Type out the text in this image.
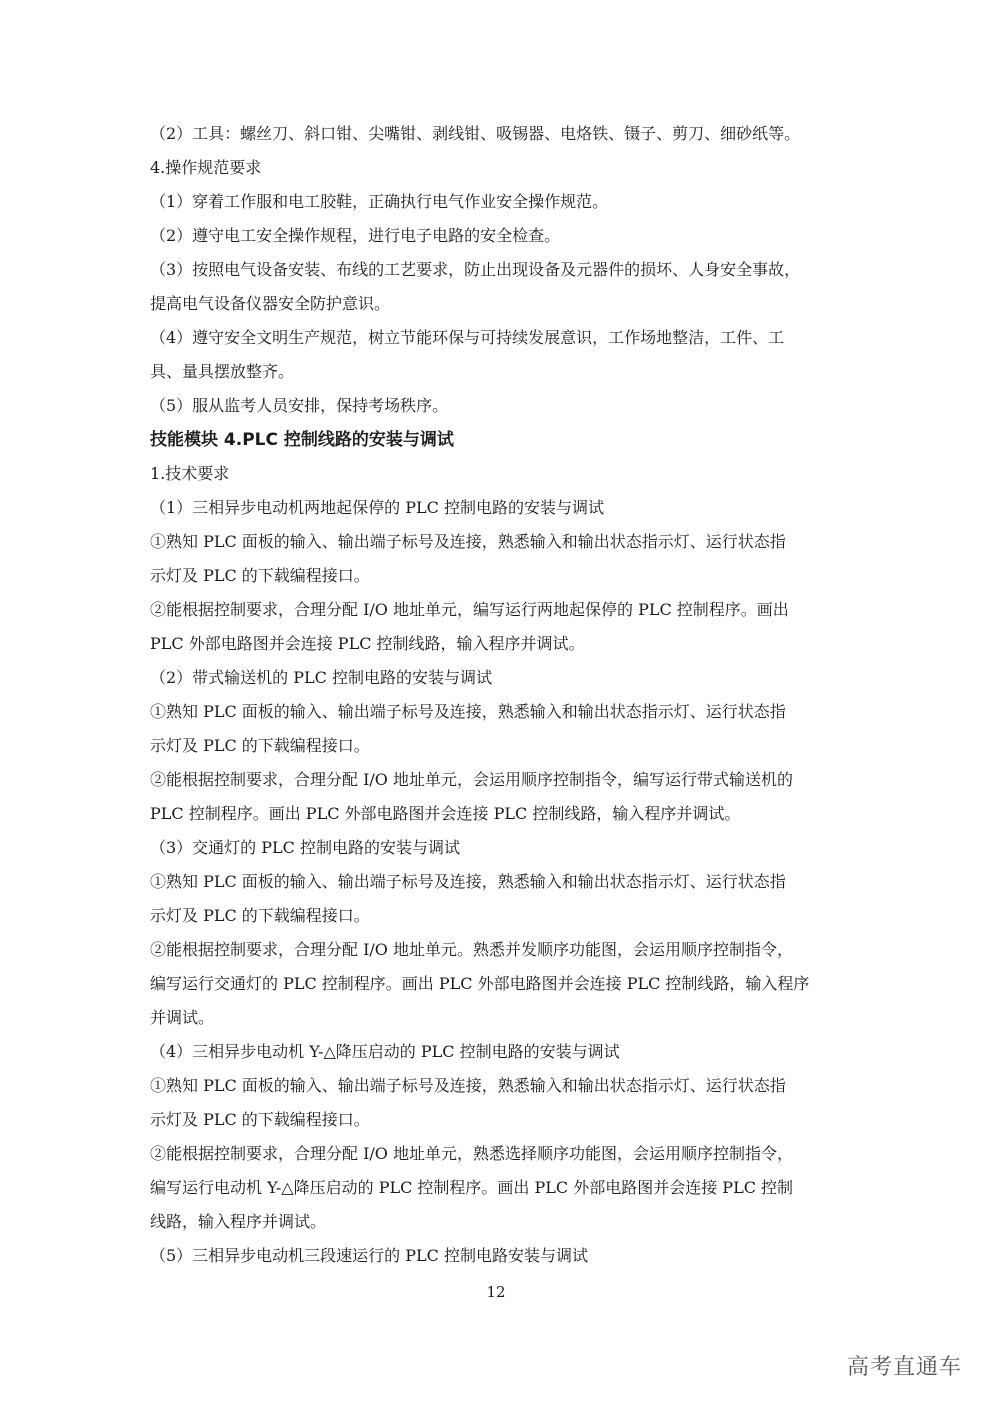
（2）工具：螺丝刀、斜口钳、尖嘴钳、剥线钳、吸锡器、电烙铁、镊子、剪刀、细砂纸等。
4.操作规范要求
（1）穿着工作服和电工胶鞋，正确执行电气作业安全操作规范。
（2）遵守电工安全操作规程，进行电子电路的安全检查。
（3）按照电气设备安装、布线的工艺要求，防止出现设备及元器件的损坏、人身安全事故，
提高电气设备仪器安全防护意识。
（4）遵守安全文明生产规范，树立节能环保与可持续发展意识，工作场地整洁，工件、工
具、量具摆放整齐。
（5）服从监考人员安排，保持考场秩序。
技能模块 4.PLC 控制线路的安装与调试
1.技术要求
（1）三相异步电动机两地起保停的 PLC 控制电路的安装与调试
①熟知 PLC 面板的输入、输出端子标号及连接，熟悉输入和输出状态指示灯、运行状态指
示灯及 PLC 的下载编程接口。
②能根据控制要求，合理分配 I/O 地址单元，编写运行两地起保停的 PLC 控制程序。画出
PLC 外部电路图并会连接 PLC 控制线路，输入程序并调试。
（2）带式输送机的 PLC 控制电路的安装与调试
①熟知 PLC 面板的输入、输出端子标号及连接，熟悉输入和输出状态指示灯、运行状态指
示灯及 PLC 的下载编程接口。
②能根据控制要求，合理分配 I/O 地址单元，会运用顺序控制指令，编写运行带式输送机的
PLC 控制程序。画出 PLC 外部电路图并会连接 PLC 控制线路，输入程序并调试。
（3）交通灯的 PLC 控制电路的安装与调试
①熟知 PLC 面板的输入、输出端子标号及连接，熟悉输入和输出状态指示灯、运行状态指
示灯及 PLC 的下载编程接口。
②能根据控制要求，合理分配 I/O 地址单元。熟悉并发顺序功能图，会运用顺序控制指令，
编写运行交通灯的 PLC 控制程序。画出 PLC 外部电路图并会连接 PLC 控制线路，输入程序
并调试。
（4）三相异步电动机 Y-△降压启动的 PLC 控制电路的安装与调试
①熟知 PLC 面板的输入、输出端子标号及连接，熟悉输入和输出状态指示灯、运行状态指
示灯及 PLC 的下载编程接口。
②能根据控制要求，合理分配 I/O 地址单元，熟悉选择顺序功能图，会运用顺序控制指令，
编写运行电动机 Y-△降压启动的 PLC 控制程序。画出 PLC 外部电路图并会连接 PLC 控制
线路，输入程序并调试。
（5）三相异步电动机三段速运行的 PLC 控制电路安装与调试
12
高考直通车
